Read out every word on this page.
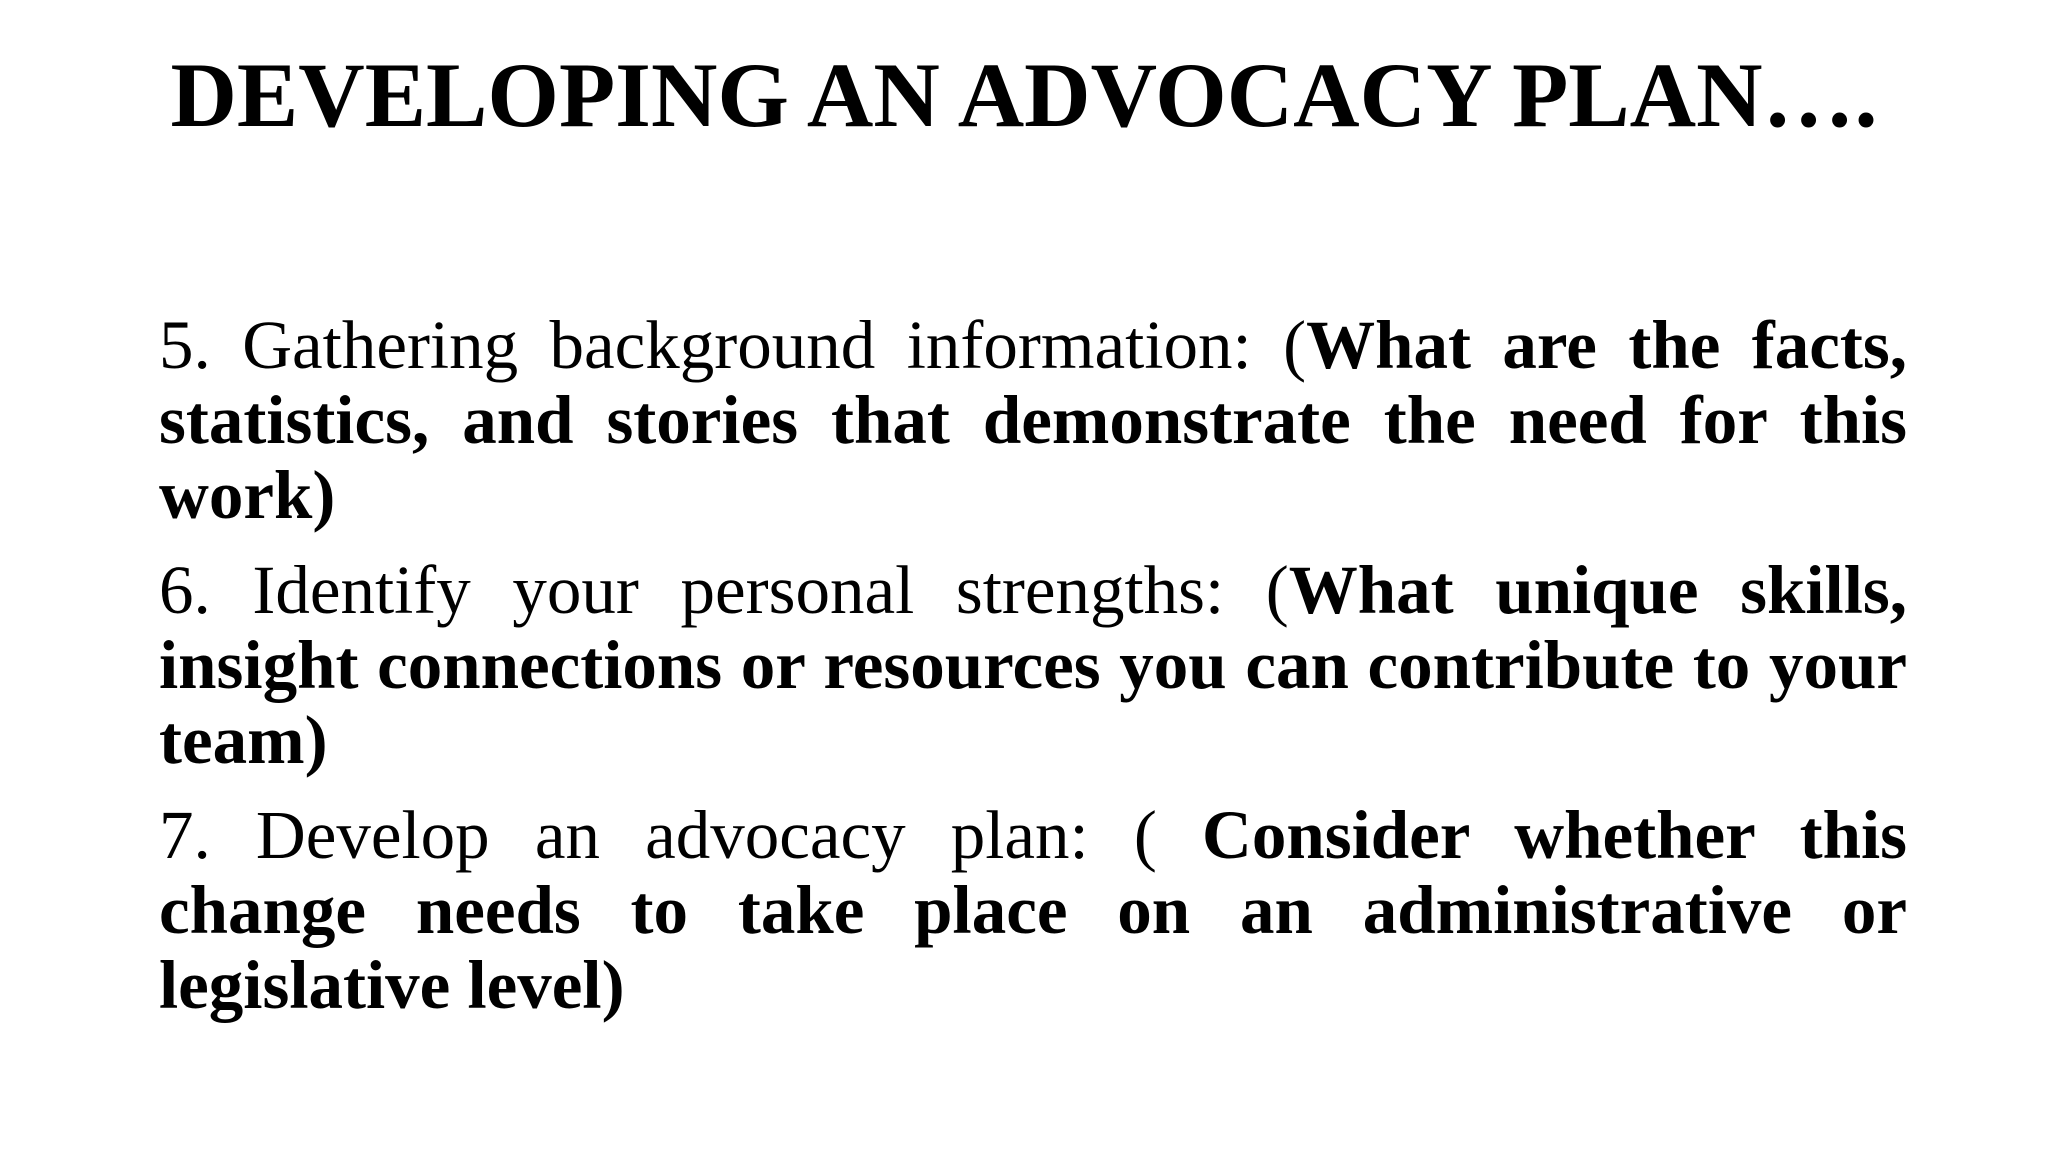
DEVELOPING AN ADVOCACY PLAN….

5. Gathering background information: (What are the facts, statistics, and stories that demonstrate the need for this work)

6. Identify your personal strengths: (What unique skills, insight connections or resources you can contribute to your team)

7. Develop an advocacy plan: ( Consider whether this change needs to take place on an administrative or legislative level)
